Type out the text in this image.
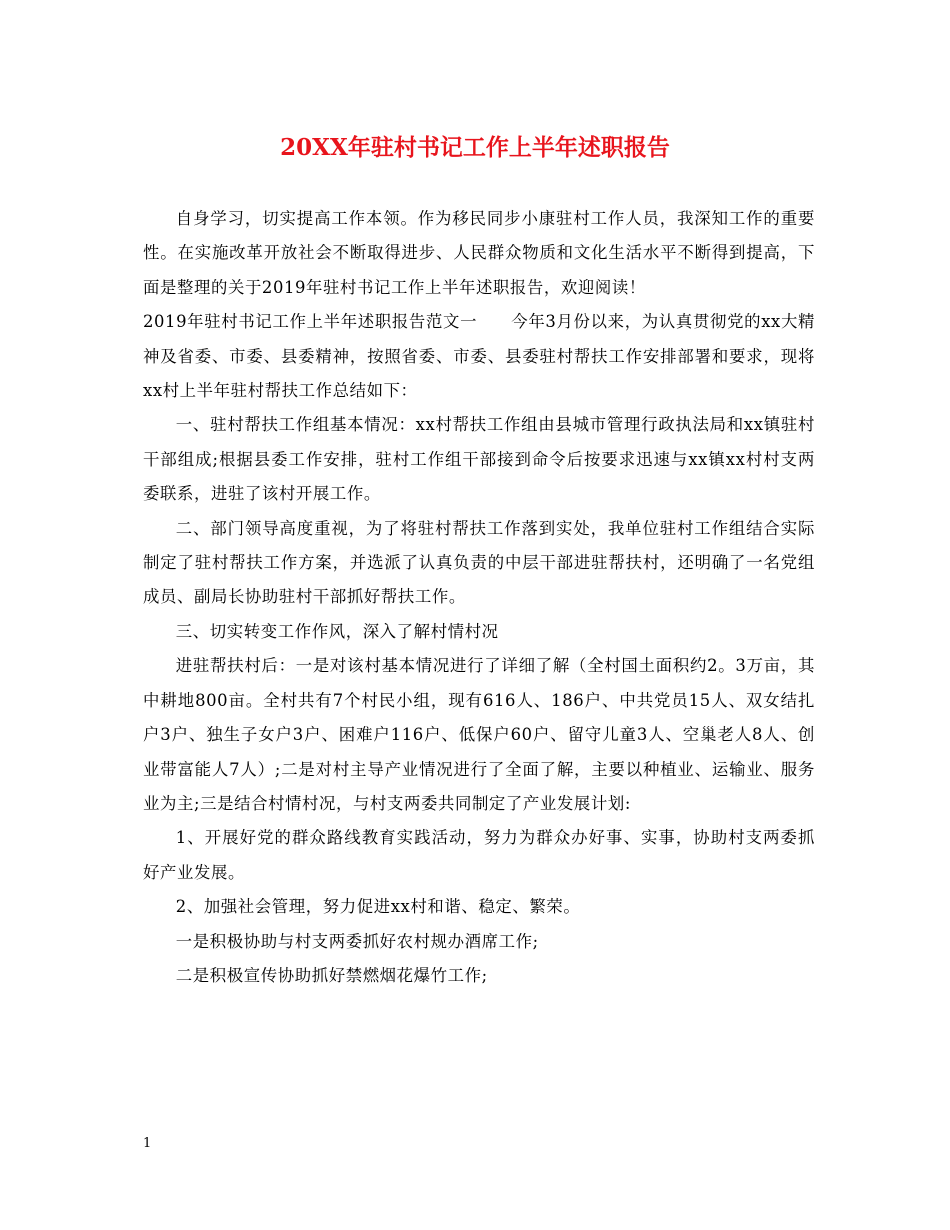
20XX年驻村书记工作上半年述职报告

自身学习，切实提高工作本领。作为移民同步小康驻村工作人员，我深知工作的重要性。在实施改革开放社会不断取得进步、人民群众物质和文化生活水平不断得到提高，下面是整理的关于2019年驻村书记工作上半年述职报告，欢迎阅读！

2019年驻村书记工作上半年述职报告范文一　　今年3月份以来，为认真贯彻党的xx大精神及省委、市委、县委精神，按照省委、市委、县委驻村帮扶工作安排部署和要求，现将xx村上半年驻村帮扶工作总结如下：

一、驻村帮扶工作组基本情况：xx村帮扶工作组由县城市管理行政执法局和xx镇驻村干部组成;根据县委工作安排，驻村工作组干部接到命令后按要求迅速与xx镇xx村村支两委联系，进驻了该村开展工作。

二、部门领导高度重视，为了将驻村帮扶工作落到实处，我单位驻村工作组结合实际制定了驻村帮扶工作方案，并选派了认真负责的中层干部进驻帮扶村，还明确了一名党组成员、副局长协助驻村干部抓好帮扶工作。

三、切实转变工作作风，深入了解村情村况

进驻帮扶村后：一是对该村基本情况进行了详细了解（全村国土面积约2。3万亩，其中耕地800亩。全村共有7个村民小组，现有616人、186户、中共党员15人、双女结扎户3户、独生子女户3户、困难户116户、低保户60户、留守儿童3人、空巢老人8人、创业带富能人7人）;二是对村主导产业情况进行了全面了解，主要以种植业、运输业、服务业为主;三是结合村情村况，与村支两委共同制定了产业发展计划:

1、开展好党的群众路线教育实践活动，努力为群众办好事、实事，协助村支两委抓好产业发展。

2、加强社会管理，努力促进xx村和谐、稳定、繁荣。

一是积极协助与村支两委抓好农村规办酒席工作;

二是积极宣传协助抓好禁燃烟花爆竹工作;

1
